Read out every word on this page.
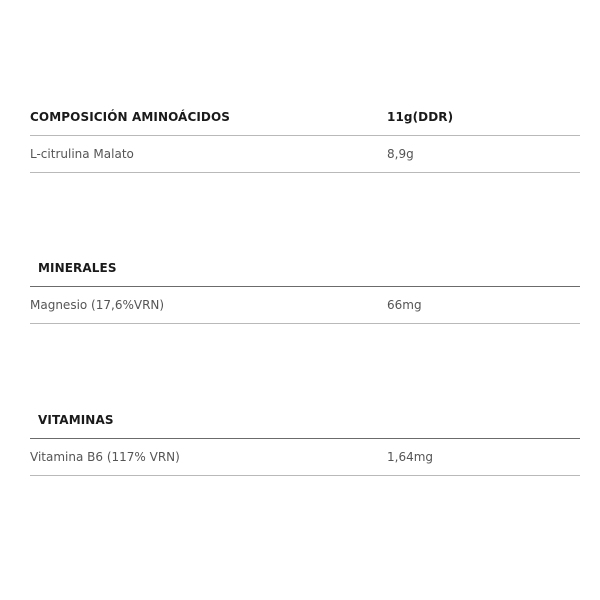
COMPOSICIÓN AMINOÁCIDOS	11g(DDR)
L-citrulina Malato	8,9g
MINERALES
Magnesio (17,6%VRN)	66mg
VITAMINAS
Vitamina B6 (117% VRN)	1,64mg
